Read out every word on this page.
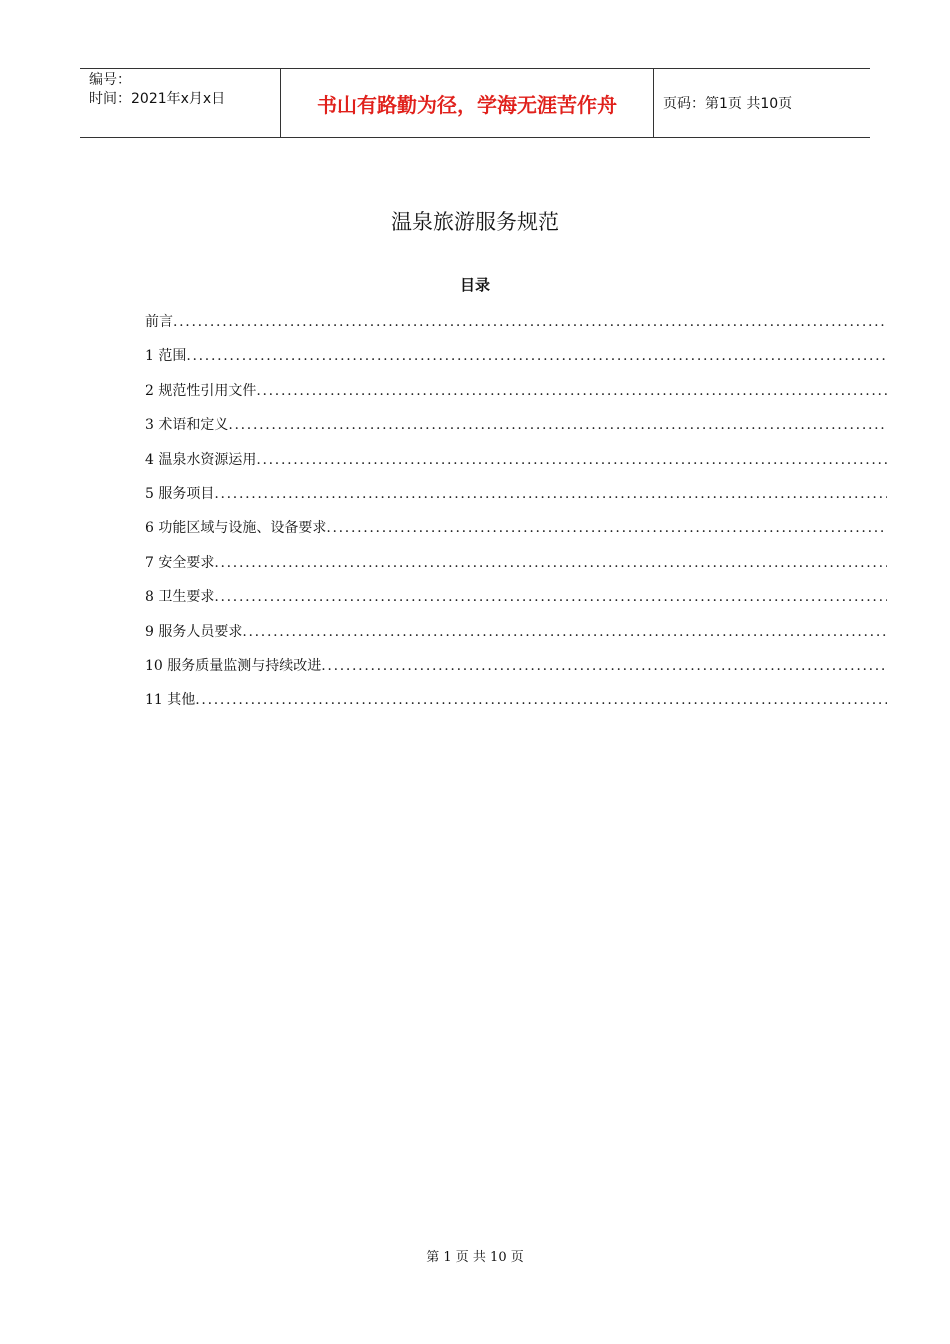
编号：
时间：2021年x月x日	书山有路勤为径，学海无涯苦作舟	页码：第1页 共10页
温泉旅游服务规范
目录
前言
.....
1 范围
.....
2 规范性引用文件
.....
3 术语和定义
.....
4 温泉水资源运用
.....
5 服务项目
.....
6 功能区域与设施、设备要求
.....
7 安全要求
.....
8 卫生要求
.....
9 服务人员要求
.....
10 服务质量监测与持续改进
.....
11 其他
.....
第 1 页 共 10 页
